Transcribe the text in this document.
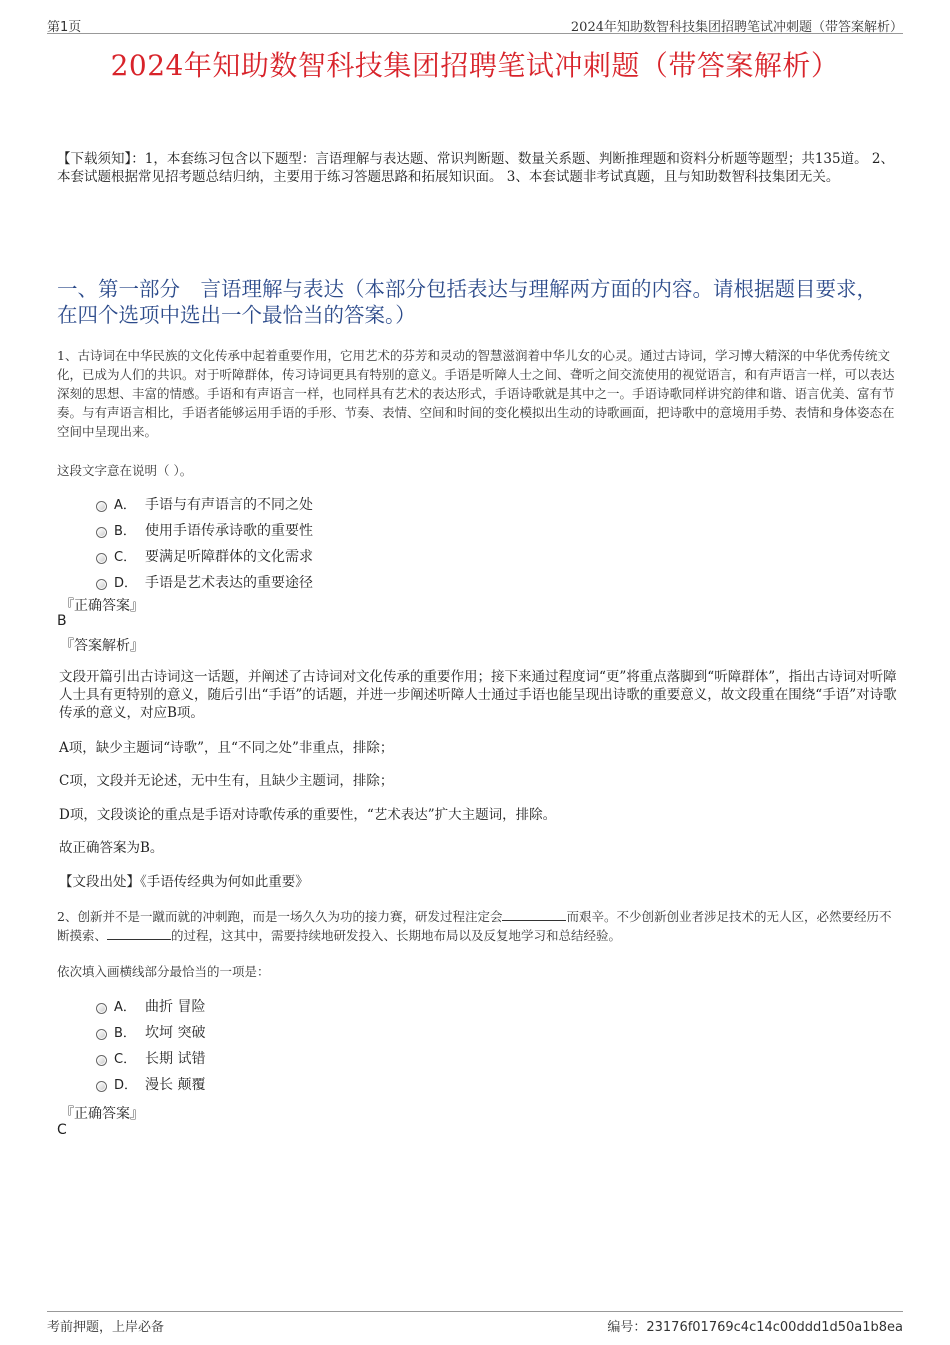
第1页	2024年知助数智科技集团招聘笔试冲刺题（带答案解析）
2024年知助数智科技集团招聘笔试冲刺题（带答案解析）
【下载须知】：1，本套练习包含以下题型：言语理解与表达题、常识判断题、数量关系题、判断推理题和资料分析题等题型；共135道。 2、本套试题根据常见招考题总结归纳，主要用于练习答题思路和拓展知识面。 3、本套试题非考试真题，且与知助数智科技集团无关。
一、第一部分　言语理解与表达（本部分包括表达与理解两方面的内容。请根据题目要求，在四个选项中选出一个最恰当的答案。）
1、古诗词在中华民族的文化传承中起着重要作用，它用艺术的芬芳和灵动的智慧滋润着中华儿女的心灵。通过古诗词，学习博大精深的中华优秀传统文化，已成为人们的共识。对于听障群体，传习诗词更具有特别的意义。手语是听障人士之间、聋听之间交流使用的视觉语言，和有声语言一样，可以表达深刻的思想、丰富的情感。手语和有声语言一样，也同样具有艺术的表达形式，手语诗歌就是其中之一。手语诗歌同样讲究韵律和谐、语言优美、富有节奏。与有声语言相比，手语者能够运用手语的手形、节奏、表情、空间和时间的变化模拟出生动的诗歌画面，把诗歌中的意境用手势、表情和身体姿态在空间中呈现出来。
这段文字意在说明（ ）。
A． 手语与有声语言的不同之处
B． 使用手语传承诗歌的重要性
C． 要满足听障群体的文化需求
D． 手语是艺术表达的重要途径
『正确答案』
B
『答案解析』
文段开篇引出古诗词这一话题，并阐述了古诗词对文化传承的重要作用；接下来通过程度词“更”将重点落脚到“听障群体”，指出古诗词对听障人士具有更特别的意义，随后引出“手语”的话题，并进一步阐述听障人士通过手语也能呈现出诗歌的重要意义，故文段重在围绕“手语”对诗歌传承的意义，对应B项。
A项，缺少主题词“诗歌”，且“不同之处”非重点，排除；
C项，文段并无论述，无中生有，且缺少主题词，排除；
D项，文段谈论的重点是手语对诗歌传承的重要性，“艺术表达”扩大主题词，排除。
故正确答案为B。
【文段出处】《手语传经典为何如此重要》
2、创新并不是一蹴而就的冲刺跑，而是一场久久为功的接力赛，研发过程注定会	而艰辛。不少创新创业者涉足技术的无人区，必然要经历不断摸索、	的过程，这其中，需要持续地研发投入、长期地布局以及反复地学习和总结经验。
依次填入画横线部分最恰当的一项是：
A． 曲折 冒险
B． 坎坷 突破
C． 长期 试错
D． 漫长 颠覆
『正确答案』
C
考前押题，上岸必备	编号：23176f01769c4c14c00ddd1d50a1b8ea
